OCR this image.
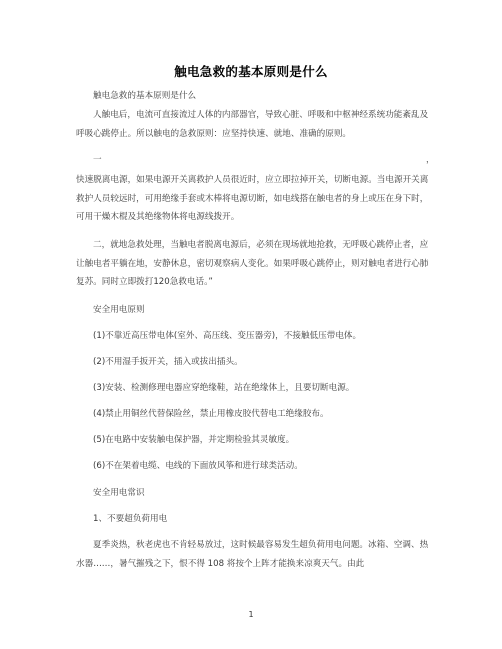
触电急救的基本原则是什么

触电急救的基本原则是什么

人触电后，电流可直接流过人体的内部器官，导致心脏、呼吸和中枢神经系统功能紊乱及呼吸心跳停止。所以触电的急救原则：应坚持快速、就地、准确的原则。

一	，

快速脱离电源，如果电源开关离救护人员很近时，应立即拉掉开关，切断电源。当电源开关离救护人员较远时，可用绝缘手套或木棒将电源切断，如电线搭在触电者的身上或压在身下时，可用干燥木棍及其绝缘物体将电源线拨开。

二，就地急救处理，当触电者脱离电源后，必须在现场就地抢救，无呼吸心跳停止者，应让触电者平躺在地，安静休息，密切观察病人变化。如果呼吸心跳停止，则对触电者进行心肺复苏。同时立即拨打120急救电话。”

安全用电原则

(1)不靠近高压带电体(室外、高压线、变压器旁)，不接触低压带电体。

(2)不用湿手扳开关，插入或拔出插头。

(3)安装、检测修理电器应穿绝缘鞋，站在绝缘体上，且要切断电源。

(4)禁止用铜丝代替保险丝，禁止用橡皮胶代替电工绝缘胶布。

(5)在电路中安装触电保护器，并定期检验其灵敏度。

(6)不在架着电缆、电线的下面放风筝和进行球类活动。

安全用电常识

1、不要超负荷用电

夏季炎热，秋老虎也不肯轻易放过，这时候最容易发生超负荷用电问题。冰箱、空调、热水器……，暑气摧残之下，恨不得 108 将按个上阵才能换来凉爽天气。由此

1
